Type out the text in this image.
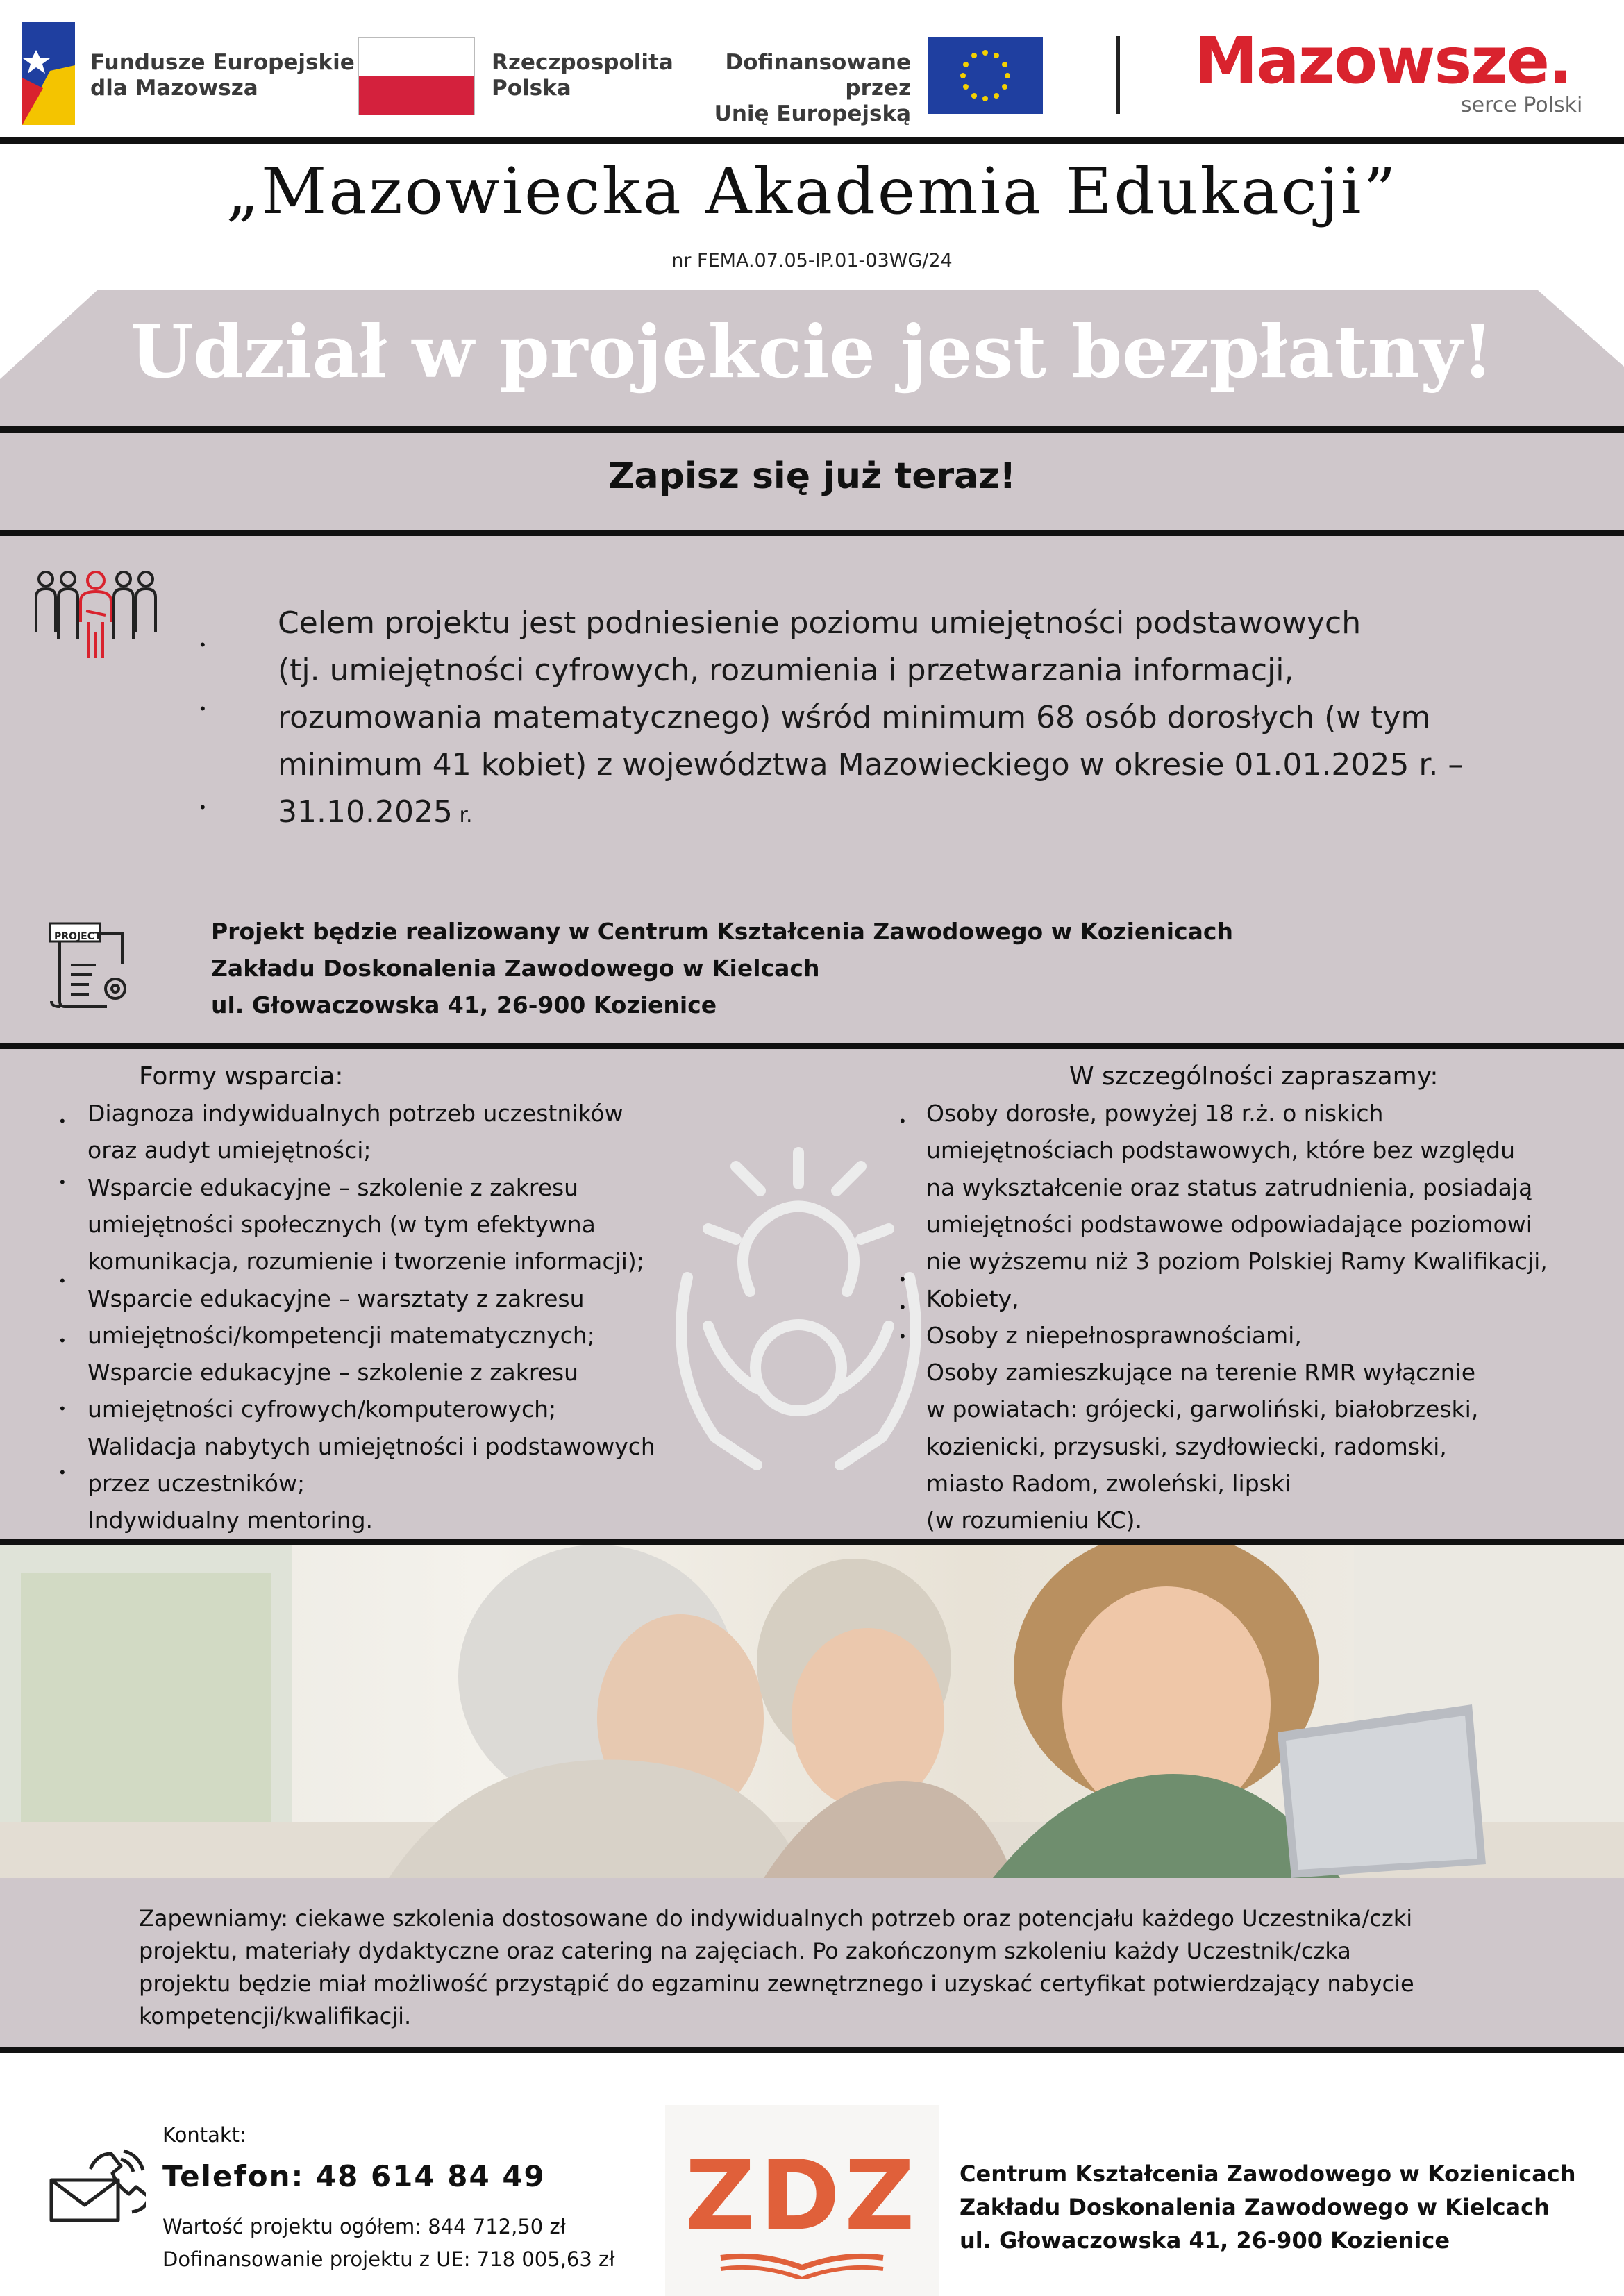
Fundusze Europejskie
dla Mazowsza
Rzeczpospolita
Polska
Dofinansowane przez
Unię Europejską
Mazowsze.
serce Polski
„Mazowiecka Akademia Edukacji”
nr FEMA.07.05-IP.01-03WG/24
Udział w projekcie jest bezpłatny!
Zapisz się już teraz!
•
•
•
Celem projektu jest podniesienie poziomu umiejętności podstawowych
(tj. umiejętności cyfrowych, rozumienia i przetwarzania informacji,
rozumowania matematycznego) wśród minimum 68 osób dorosłych (w tym
minimum 41 kobiet) z województwa Mazowieckiego w okresie 01.01.2025 r. –
31.10.2025 r.
PROJECT	Projekt będzie realizowany w Centrum Kształcenia Zawodowego w Kozienicach
Zakładu Doskonalenia Zawodowego w Kielcach
ul. Głowaczowska 41, 26-900 Kozienice
Formy wsparcia:
•
•
•
•
•
•
Diagnoza indywidualnych potrzeb uczestników
oraz audyt umiejętności;
Wsparcie edukacyjne – szkolenie z zakresu
umiejętności społecznych (w tym efektywna
komunikacja, rozumienie i tworzenie informacji);
Wsparcie edukacyjne – warsztaty z zakresu
umiejętności/kompetencji matematycznych;
Wsparcie edukacyjne – szkolenie z zakresu
umiejętności cyfrowych/komputerowych;
Walidacja nabytych umiejętności i podstawowych
przez uczestników;
Indywidualny mentoring.
W szczególności zapraszamy:
•
•
•
•
Osoby dorosłe, powyżej 18 r.ż. o niskich
umiejętnościach podstawowych, które bez względu
na wykształcenie oraz status zatrudnienia, posiadają
umiejętności podstawowe odpowiadające poziomowi
nie wyższemu niż 3 poziom Polskiej Ramy Kwalifikacji,
Kobiety,
Osoby z niepełnosprawnościami,
Osoby zamieszkujące na terenie RMR wyłącznie
w powiatach: grójecki, garwoliński, białobrzeski,
kozienicki, przysuski, szydłowiecki, radomski,
miasto Radom, zwoleński, lipski
(w rozumieniu KC).
Zapewniamy: ciekawe szkolenia dostosowane do indywidualnych potrzeb oraz potencjału każdego Uczestnika/czki
projektu, materiały dydaktyczne oraz catering na zajęciach. Po zakończonym szkoleniu każdy Uczestnik/czka
projektu będzie miał możliwość przystąpić do egzaminu zewnętrznego i uzyskać certyfikat potwierdzający nabycie
kompetencji/kwalifikacji.
Kontakt:
Telefon: 48 614 84 49
Wartość projektu ogółem: 844 712,50 zł
Dofinansowanie projektu z UE: 718 005,63 zł
ZDZ	Centrum Kształcenia Zawodowego w Kozienicach
Zakładu Doskonalenia Zawodowego w Kielcach
ul. Głowaczowska 41, 26-900 Kozienice
